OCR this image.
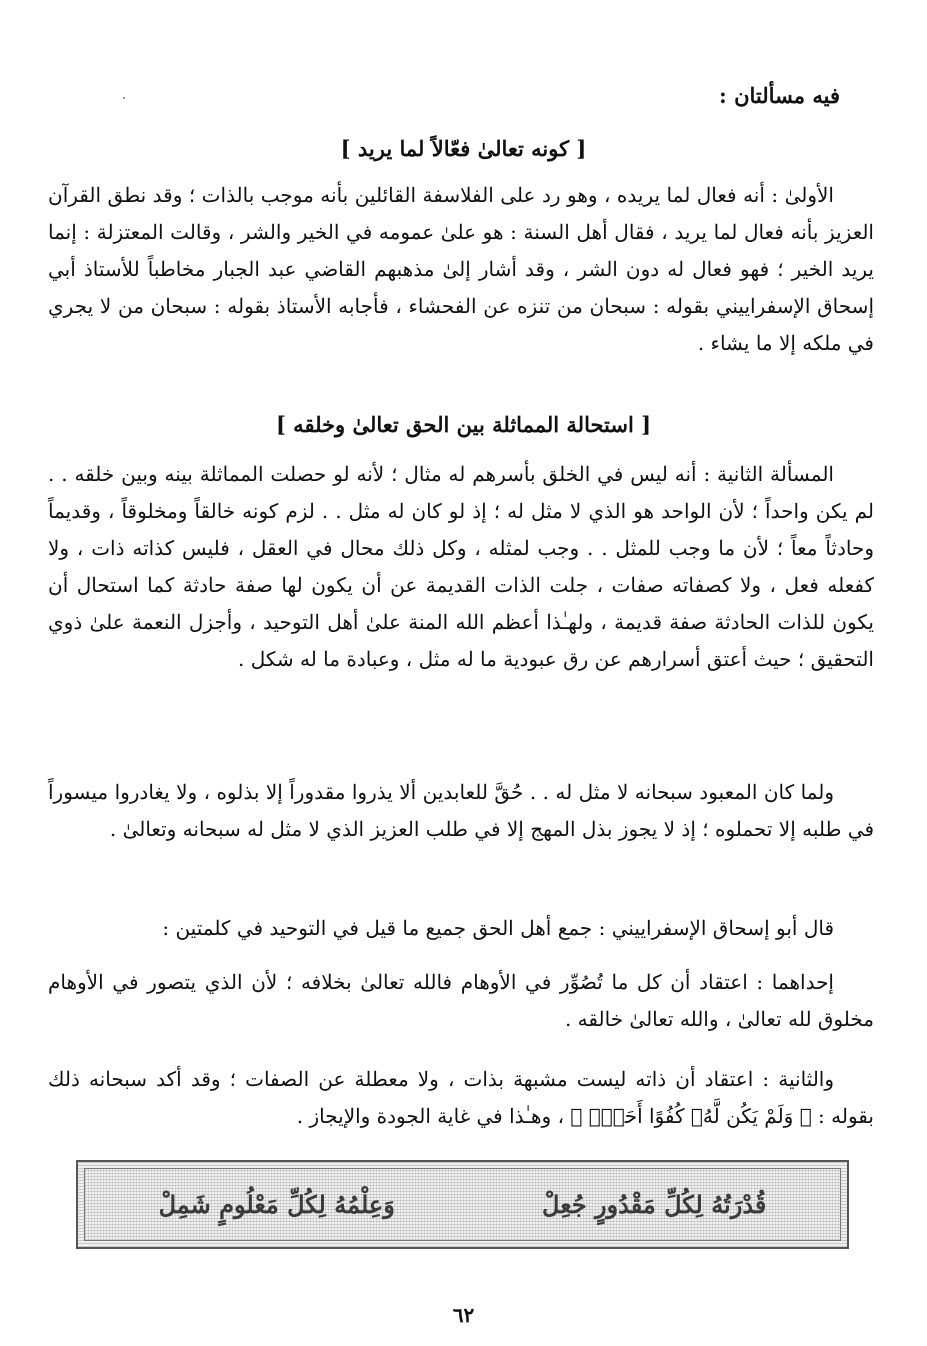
فيه مسألتان :
[ كونه تعالىٰ فعّالاً لما يريد ]
الأولىٰ : أنه فعال لما يريده ، وهو رد على الفلاسفة القائلين بأنه موجب بالذات ؛ وقد نطق القرآن العزيز بأنه فعال لما يريد ، فقال أهل السنة : هو علىٰ عمومه في الخير والشر ، وقالت المعتزلة : إنما يريد الخير ؛ فهو فعال له دون الشر ، وقد أشار إلىٰ مذهبهم القاضي عبد الجبار مخاطباً للأستاذ أبي إسحاق الإسفراييني بقوله : سبحان من تنزه عن الفحشاء ، فأجابه الأستاذ بقوله : سبحان من لا يجري في ملكه إلا ما يشاء .
[ استحالة المماثلة بين الحق تعالىٰ وخلقه ]
المسألة الثانية : أنه ليس في الخلق بأسرهم له مثال ؛ لأنه لو حصلت المماثلة بينه وبين خلقه . . لم يكن واحداً ؛ لأن الواحد هو الذي لا مثل له ؛ إذ لو كان له مثل . . لزم كونه خالقاً ومخلوقاً ، وقديماً وحادثاً معاً ؛ لأن ما وجب للمثل . . وجب لمثله ، وكل ذلك محال في العقل ، فليس كذاته ذات ، ولا كفعله فعل ، ولا كصفاته صفات ، جلت الذات القديمة عن أن يكون لها صفة حادثة كما استحال أن يكون للذات الحادثة صفة قديمة ، ولهـٰذا أعظم الله المنة علىٰ أهل التوحيد ، وأجزل النعمة علىٰ ذوي التحقيق ؛ حيث أعتق أسرارهم عن رق عبودية ما له مثل ، وعبادة ما له شكل .
ولما كان المعبود سبحانه لا مثل له . . حُقَّ للعابدين ألا يذروا مقدوراً إلا بذلوه ، ولا يغادروا ميسوراً في طلبه إلا تحملوه ؛ إذ لا يجوز بذل المهج إلا في طلب العزيز الذي لا مثل له سبحانه وتعالىٰ .
قال أبو إسحاق الإسفراييني : جمع أهل الحق جميع ما قيل في التوحيد في كلمتين :
إحداهما : اعتقاد أن كل ما تُصُوِّر في الأوهام فالله تعالىٰ بخلافه ؛ لأن الذي يتصور في الأوهام مخلوق لله تعالىٰ ، والله تعالىٰ خالقه .
والثانية : اعتقاد أن ذاته ليست مشبهة بذات ، ولا معطلة عن الصفات ؛ وقد أكد سبحانه ذلك بقوله : ﴿ وَلَمْ يَكُن لَّهُۥ كُفُوًا أَحَدٌۢ ﴾ ، وهـٰذا في غاية الجودة والإيجاز .
قُدْرَتُهُ لِكُلِّ مَقْدُورٍ جُعِلْ
وَعِلْمُهُ لِكُلِّ مَعْلُومٍ شَمِلْ
٦٢
